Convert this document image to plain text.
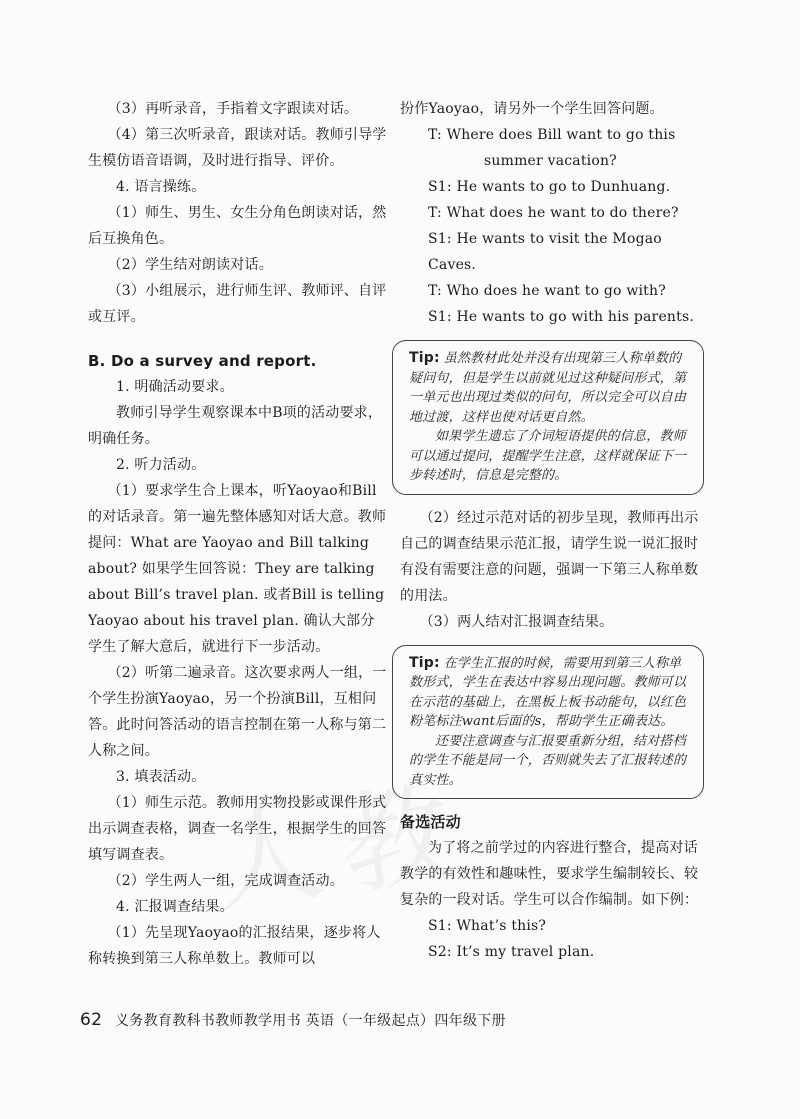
（3）再听录音，手指着文字跟读对话。

（4）第三次听录音，跟读对话。教师引导学生模仿语音语调，及时进行指导、评价。

4. 语言操练。

（1）师生、男生、女生分角色朗读对话，然后互换角色。

（2）学生结对朗读对话。

（3）小组展示，进行师生评、教师评、自评或互评。

B. Do a survey and report.

1. 明确活动要求。

教师引导学生观察课本中B项的活动要求，明确任务。

2. 听力活动。

（1）要求学生合上课本，听Yaoyao和Bill的对话录音。第一遍先整体感知对话大意。教师提问：What are Yaoyao and Bill talking about? 如果学生回答说：They are talking about Bill’s travel plan. 或者Bill is telling Yaoyao about his travel plan. 确认大部分学生了解大意后，就进行下一步活动。

（2）听第二遍录音。这次要求两人一组，一个学生扮演Yaoyao，另一个扮演Bill，互相问答。此时问答活动的语言控制在第一人称与第二人称之间。

3. 填表活动。

（1）师生示范。教师用实物投影或课件形式出示调查表格，调查一名学生，根据学生的回答填写调查表。

（2）学生两人一组，完成调查活动。

4. 汇报调查结果。

（1）先呈现Yaoyao的汇报结果，逐步将人称转换到第三人称单数上。教师可以

扮作Yaoyao，请另外一个学生回答问题。

T: Where does Bill want to go this

summer vacation?

S1: He wants to go to Dunhuang.

T: What does he want to do there?

S1: He wants to visit the Mogao Caves.

T: Who does he want to go with?

S1: He wants to go with his parents.

Tip: 虽然教材此处并没有出现第三人称单数的疑问句，但是学生以前就见过这种疑问形式，第一单元也出现过类似的问句，所以完全可以自由地过渡，这样也使对话更自然。

如果学生遗忘了介词短语提供的信息，教师可以通过提问，提醒学生注意，这样就保证下一步转述时，信息是完整的。

（2）经过示范对话的初步呈现，教师再出示自己的调查结果示范汇报，请学生说一说汇报时有没有需要注意的问题，强调一下第三人称单数的用法。

（3）两人结对汇报调查结果。

Tip: 在学生汇报的时候，需要用到第三人称单数形式，学生在表达中容易出现问题。教师可以在示范的基础上，在黑板上板书动能句，以红色粉笔标注want后面的s，帮助学生正确表达。

还要注意调查与汇报要重新分组，结对搭档的学生不能是同一个，否则就失去了汇报转述的真实性。

备选活动

为了将之前学过的内容进行整合，提高对话教学的有效性和趣味性，要求学生编制较长、较复杂的一段对话。学生可以合作编制。如下例：

S1: What’s this?

S2: It’s my travel plan.

62 义务教育教科书教师教学用书 英语（一年级起点）四年级下册
